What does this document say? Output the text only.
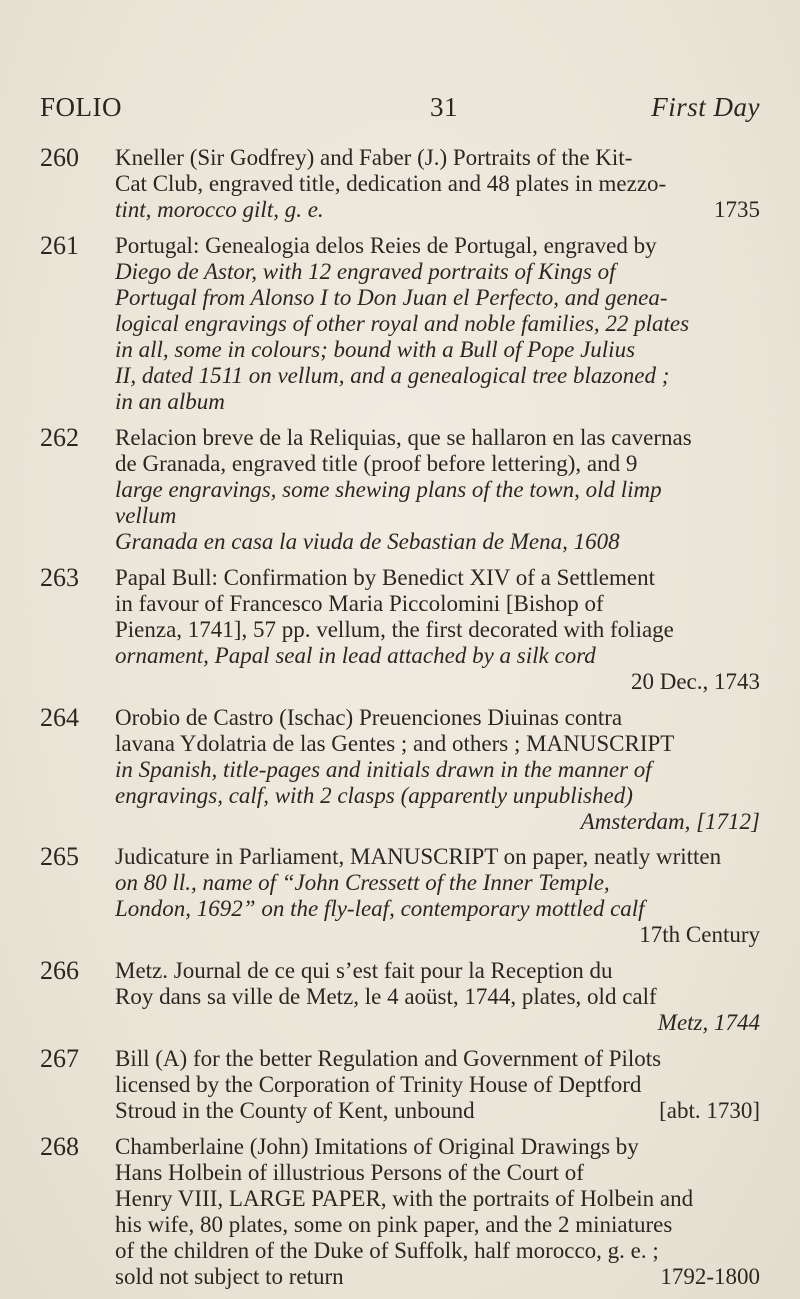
FOLIO	31	First Day
260	Kneller (Sir Godfrey) and Faber (J.) Portraits of the Kit-
Cat Club, engraved title, dedication and 48 plates in mezzo-
tint, morocco gilt, g. e.	1735
261	Portugal: Genealogia delos Reies de Portugal, engraved by
Diego de Astor, with 12 engraved portraits of Kings of
Portugal from Alonso I to Don Juan el Perfecto, and genea-
logical engravings of other royal and noble families, 22 plates
in all, some in colours; bound with a Bull of Pope Julius
II, dated 1511 on vellum, and a genealogical tree blazoned ;
in an album
262	Relacion breve de la Reliquias, que se hallaron en las cavernas
de Granada, engraved title (proof before lettering), and 9
large engravings, some shewing plans of the town, old limp
vellum
Granada en casa la viuda de Sebastian de Mena, 1608
263	Papal Bull: Confirmation by Benedict XIV of a Settlement
in favour of Francesco Maria Piccolomini [Bishop of
Pienza, 1741], 57 pp. vellum, the first decorated with foliage
ornament, Papal seal in lead attached by a silk cord
20 Dec., 1743
264	Orobio de Castro (Ischac) Preuenciones Diuinas contra
lavana Ydolatria de las Gentes ; and others ; MANUSCRIPT
in Spanish, title-pages and initials drawn in the manner of
engravings, calf, with 2 clasps (apparently unpublished)
Amsterdam, [1712]
265	Judicature in Parliament, MANUSCRIPT on paper, neatly written
on 80 ll., name of “John Cressett of the Inner Temple,
London, 1692” on the fly-leaf, contemporary mottled calf
17th Century
266	Metz. Journal de ce qui s’est fait pour la Reception du
Roy dans sa ville de Metz, le 4 aoüst, 1744, plates, old calf
Metz, 1744
267	Bill (A) for the better Regulation and Government of Pilots
licensed by the Corporation of Trinity House of Deptford
Stroud in the County of Kent, unbound	[abt. 1730]
268	Chamberlaine (John) Imitations of Original Drawings by
Hans Holbein of illustrious Persons of the Court of
Henry VIII, LARGE PAPER, with the portraits of Holbein and
his wife, 80 plates, some on pink paper, and the 2 miniatures
of the children of the Duke of Suffolk, half morocco, g. e. ;
sold not subject to return	1792-1800
